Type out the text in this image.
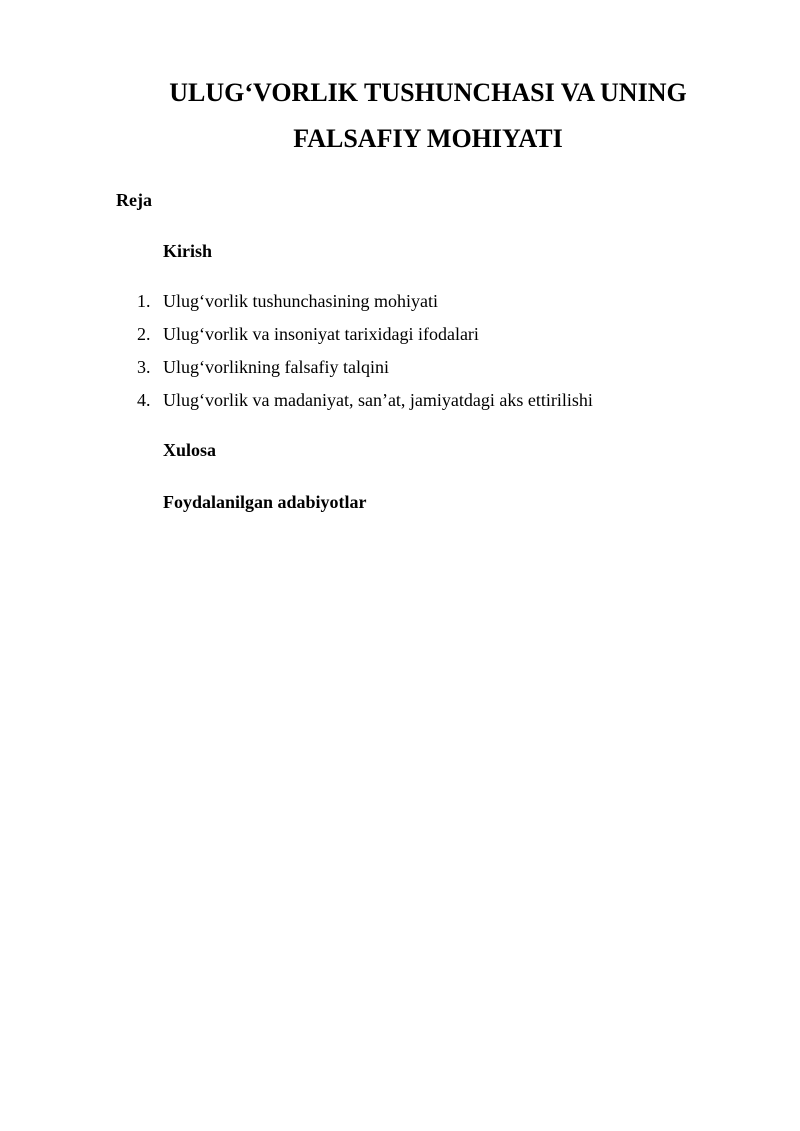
ULUG‘VORLIK TUSHUNCHASI VA UNING
FALSAFIY MOHIYATI

Reja

Kirish

1. Ulug‘vorlik tushunchasining mohiyati
2. Ulug‘vorlik va insoniyat tarixidagi ifodalari
3. Ulug‘vorlikning falsafiy talqini
4. Ulug‘vorlik va madaniyat, san’at, jamiyatdagi aks ettirilishi

Xulosa

Foydalanilgan adabiyotlar
